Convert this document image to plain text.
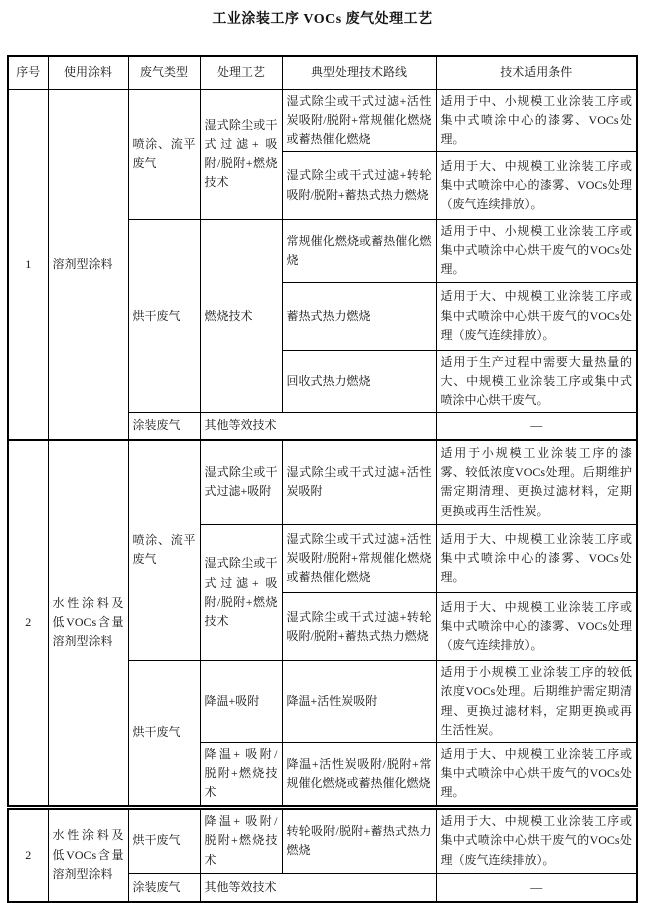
工业涂装工序 VOCs 废气处理工艺
序号	使用涂料	废气类型	处理工艺	典型处理技术路线	技术适用条件
1	溶剂型涂料	喷涂、流平废气	湿式除尘或干式过滤+ 吸附/脱附+燃烧技术	湿式除尘或干式过滤+活性炭吸附/脱附+常规催化燃烧或蓄热催化燃烧	适用于中、小规模工业涂装工序或集中式喷涂中心的漆雾、VOCs处理。
				湿式除尘或干式过滤+转轮吸附/脱附+蓄热式热力燃烧	适用于大、中规模工业涂装工序或集中式喷涂中心的漆雾、VOCs处理（废气连续排放）。
		烘干废气	燃烧技术	常规催化燃烧或蓄热催化燃烧	适用于中、小规模工业涂装工序或集中式喷涂中心烘干废气的VOCs处理。
				蓄热式热力燃烧	适用于大、中规模工业涂装工序或集中式喷涂中心烘干废气的VOCs处理（废气连续排放）。
				回收式热力燃烧	适用于生产过程中需要大量热量的大、中规模工业涂装工序或集中式喷涂中心烘干废气。
		涂装废气	其他等效技术		—
2	水性涂料及低VOCs含量溶剂型涂料	喷涂、流平废气	湿式除尘或干式过滤+吸附	湿式除尘或干式过滤+活性炭吸附	适用于小规模工业涂装工序的漆雾、较低浓度VOCs处理。后期维护需定期清理、更换过滤材料，定期更换或再生活性炭。
			湿式除尘或干式过滤+ 吸附/脱附+燃烧技术	湿式除尘或干式过滤+活性炭吸附/脱附+常规催化燃烧或蓄热催化燃烧	适用于大、中规模工业涂装工序或集中式喷涂中心的漆雾、VOCs处理。
				湿式除尘或干式过滤+转轮吸附/脱附+蓄热式热力燃烧	适用于大、中规模工业涂装工序或集中式喷涂中心的漆雾、VOCs处理（废气连续排放）。
		烘干废气	降温+吸附	降温+活性炭吸附	适用于小规模工业涂装工序的较低浓度VOCs处理。后期维护需定期清理、更换过滤材料，定期更换或再生活性炭。
			降温+ 吸附/ 脱附+燃烧技术	降温+活性炭吸附/脱附+常规催化燃烧或蓄热催化燃烧	适用于大、中规模工业涂装工序或集中式喷涂中心烘干废气的VOCs处理。
2	水性涂料及低VOCs含量溶剂型涂料	烘干废气	降温+ 吸附/ 脱附+燃烧技术	转轮吸附/脱附+蓄热式热力燃烧	适用于大、中规模工业涂装工序或集中式喷涂中心烘干废气的VOCs处理（废气连续排放）。
		涂装废气	其他等效技术		—
